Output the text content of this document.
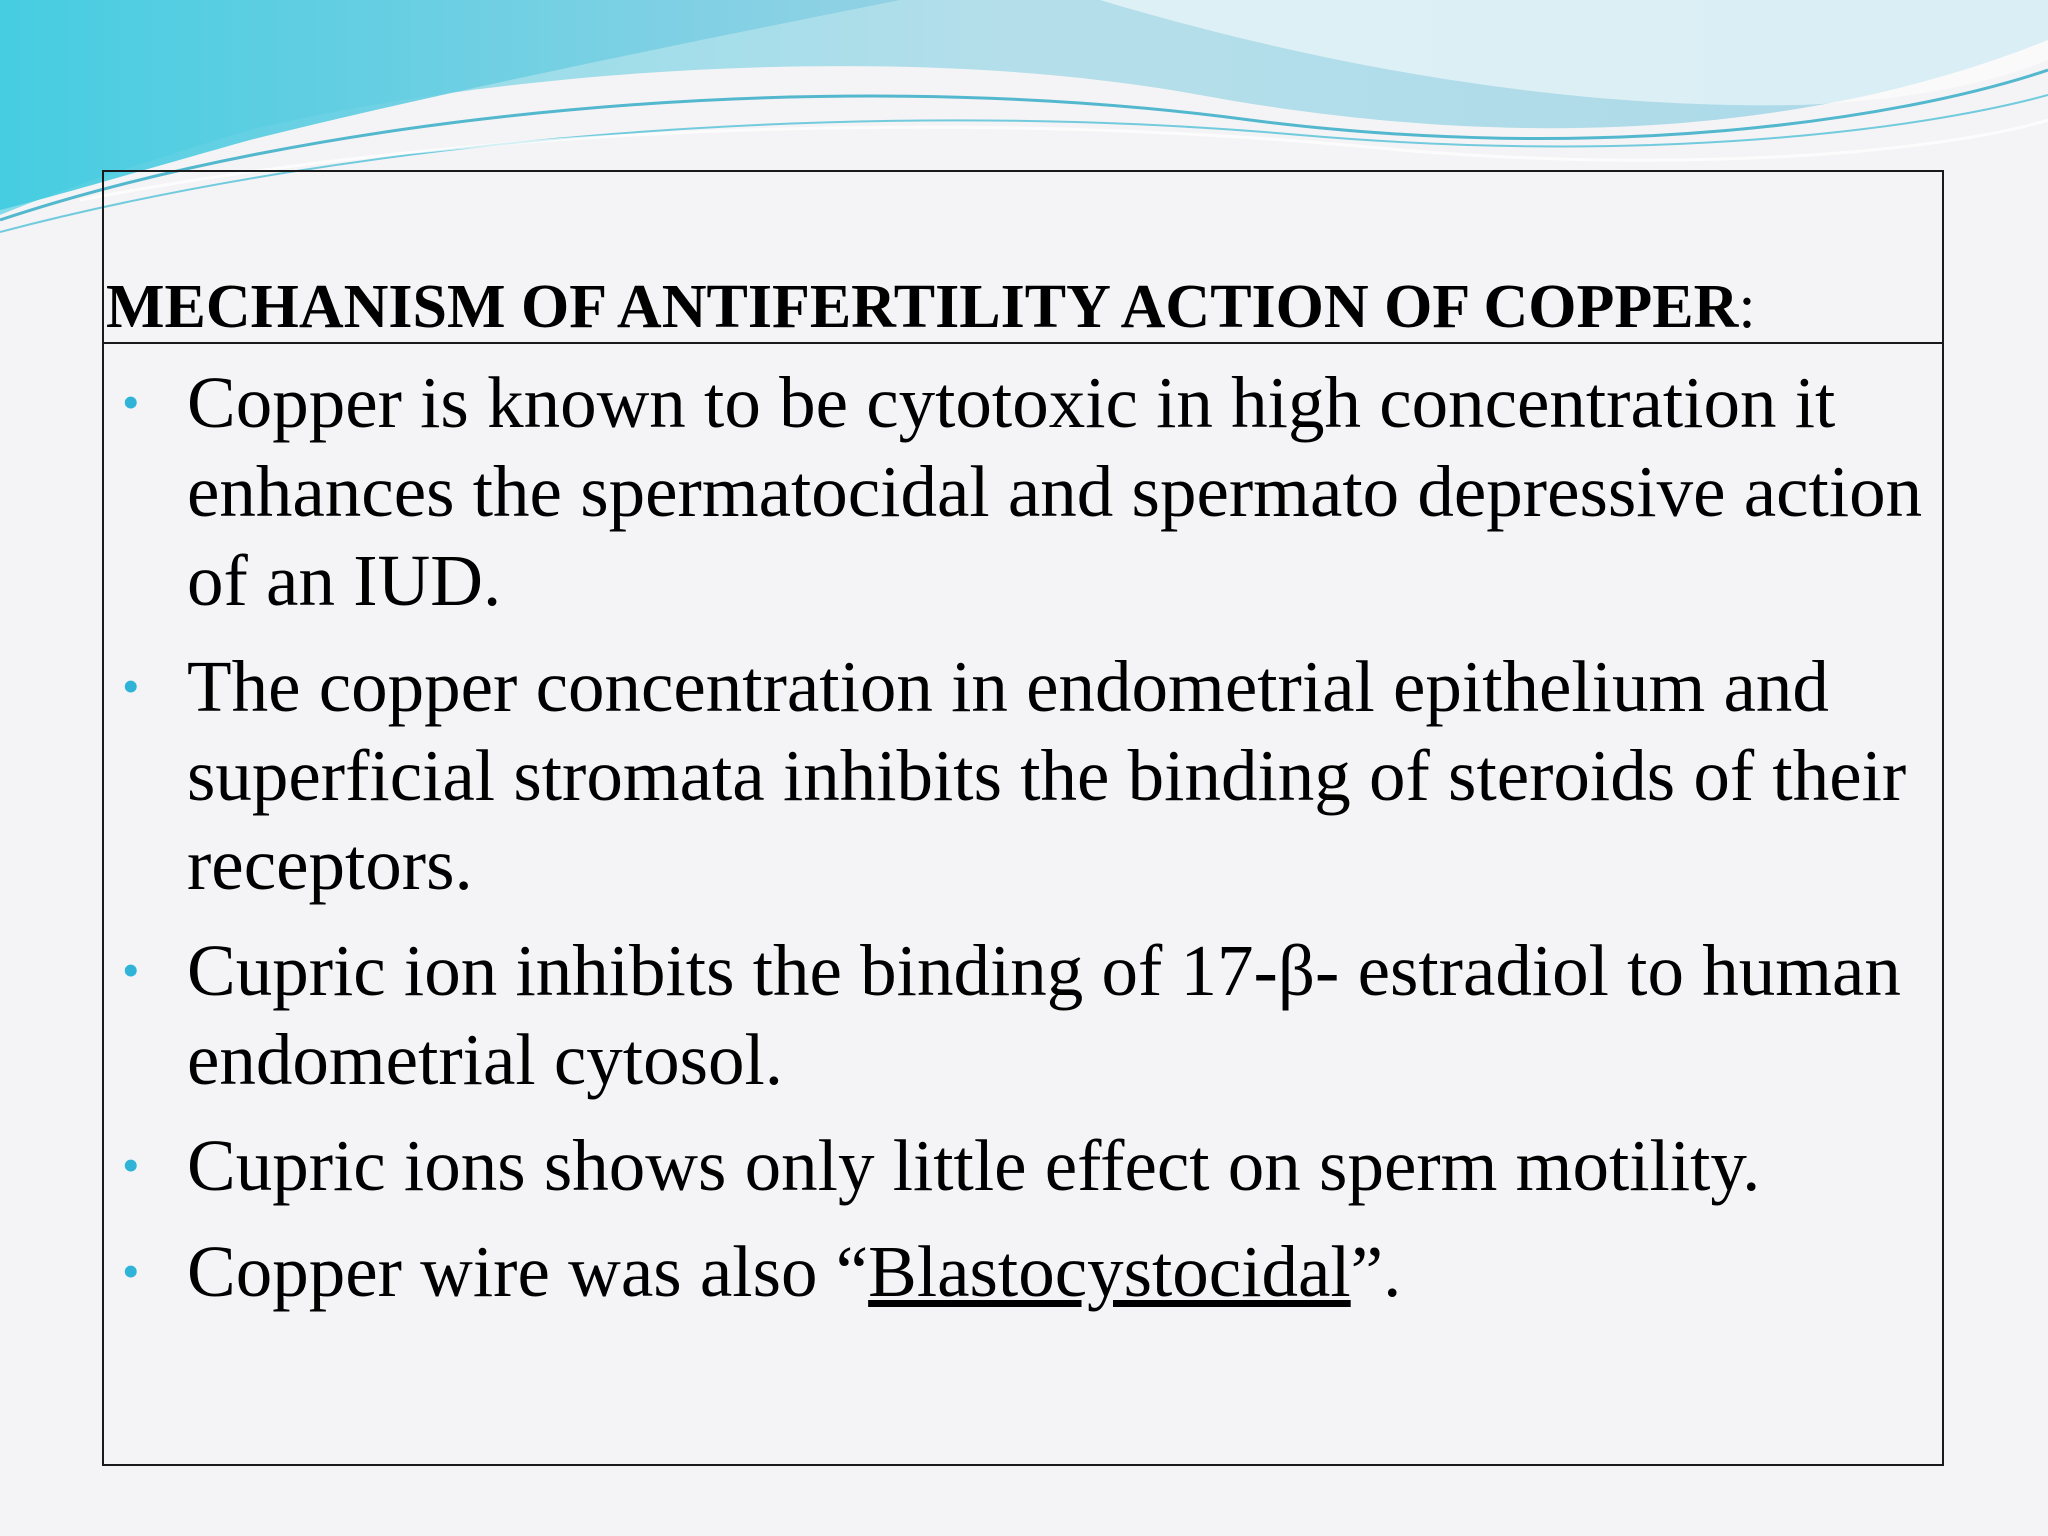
MECHANISM OF ANTIFERTILITY ACTION OF COPPER:
• Copper is known to be cytotoxic in high concentration it enhances the spermatocidal and spermato depressive action of an IUD.
• The copper concentration in endometrial epithelium and superficial stromata inhibits the binding of steroids of their receptors.
• Cupric ion inhibits the binding of 17-β- estradiol to human endometrial cytosol.
• Cupric ions shows only little effect on sperm motility.
• Copper wire was also “Blastocystocidal”.
